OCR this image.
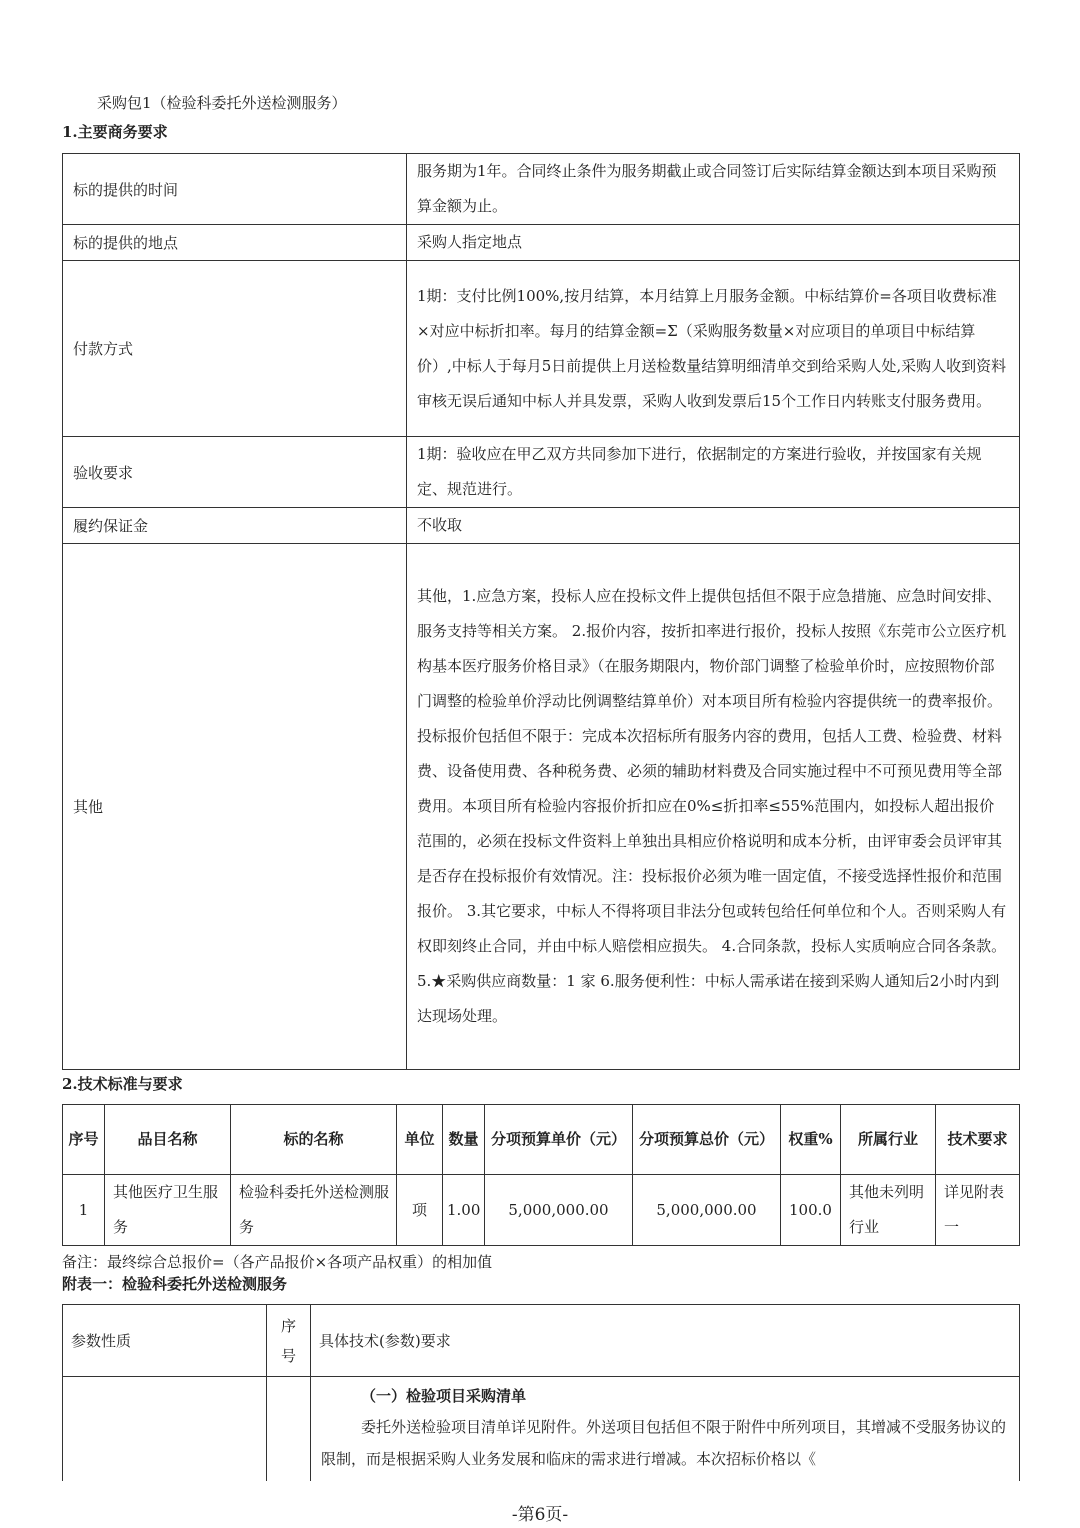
采购包1（检验科委托外送检测服务）
1.主要商务要求
标的提供的时间	服务期为1年。合同终止条件为服务期截止或合同签订后实际结算金额达到本项目采购预算金额为止。
标的提供的地点	采购人指定地点
付款方式	1期：支付比例100%,按月结算，本月结算上月服务金额。中标结算价=各项目收费标准×对应中标折扣率。每月的结算金额=Σ（采购服务数量×对应项目的单项目中标结算价）,中标人于每月5日前提供上月送检数量结算明细清单交到给采购人处,采购人收到资料审核无误后通知中标人并具发票，采购人收到发票后15个工作日内转账支付服务费用。
验收要求	1期：验收应在甲乙双方共同参加下进行，依据制定的方案进行验收，并按国家有关规定、规范进行。
履约保证金	不收取
其他	其他，1.应急方案，投标人应在投标文件上提供包括但不限于应急措施、应急时间安排、服务支持等相关方案。 2.报价内容，按折扣率进行报价，投标人按照《东莞市公立医疗机构基本医疗服务价格目录》（在服务期限内，物价部门调整了检验单价时，应按照物价部门调整的检验单价浮动比例调整结算单价）对本项目所有检验内容提供统一的费率报价。投标报价包括但不限于：完成本次招标所有服务内容的费用，包括人工费、检验费、材料费、设备使用费、各种税务费、必须的辅助材料费及合同实施过程中不可预见费用等全部费用。本项目所有检验内容报价折扣应在0%≤折扣率≤55%范围内，如投标人超出报价范围的，必须在投标文件资料上单独出具相应价格说明和成本分析，由评审委会员评审其是否存在投标报价有效情况。注：投标报价必须为唯一固定值，不接受选择性报价和范围报价。 3.其它要求，中标人不得将项目非法分包或转包给任何单位和个人。否则采购人有权即刻终止合同，并由中标人赔偿相应损失。 4.合同条款，投标人实质响应合同各条款。 5.★采购供应商数量：1 家 6.服务便利性：中标人需承诺在接到采购人通知后2小时内到达现场处理。
2.技术标准与要求
序号	品目名称	标的名称	单位	数量	分项预算单价（元）	分项预算总价（元）	权重%	所属行业	技术要求
1	其他医疗卫生服务	检验科委托外送检测服务	项	1.00	5,000,000.00	5,000,000.00	100.0	其他未列明行业	详见附表一
备注：最终综合总报价=（各产品报价×各项产品权重）的相加值
附表一：检验科委托外送检测服务
参数性质	序号	具体技术(参数)要求

		（一）检验项目采购清单
委托外送检验项目清单详见附件。外送项目包括但不限于附件中所列项目，其增减不受服务协议的限制，而是根据采购人业务发展和临床的需求进行增减。本次招标价格以《
-第6页-
